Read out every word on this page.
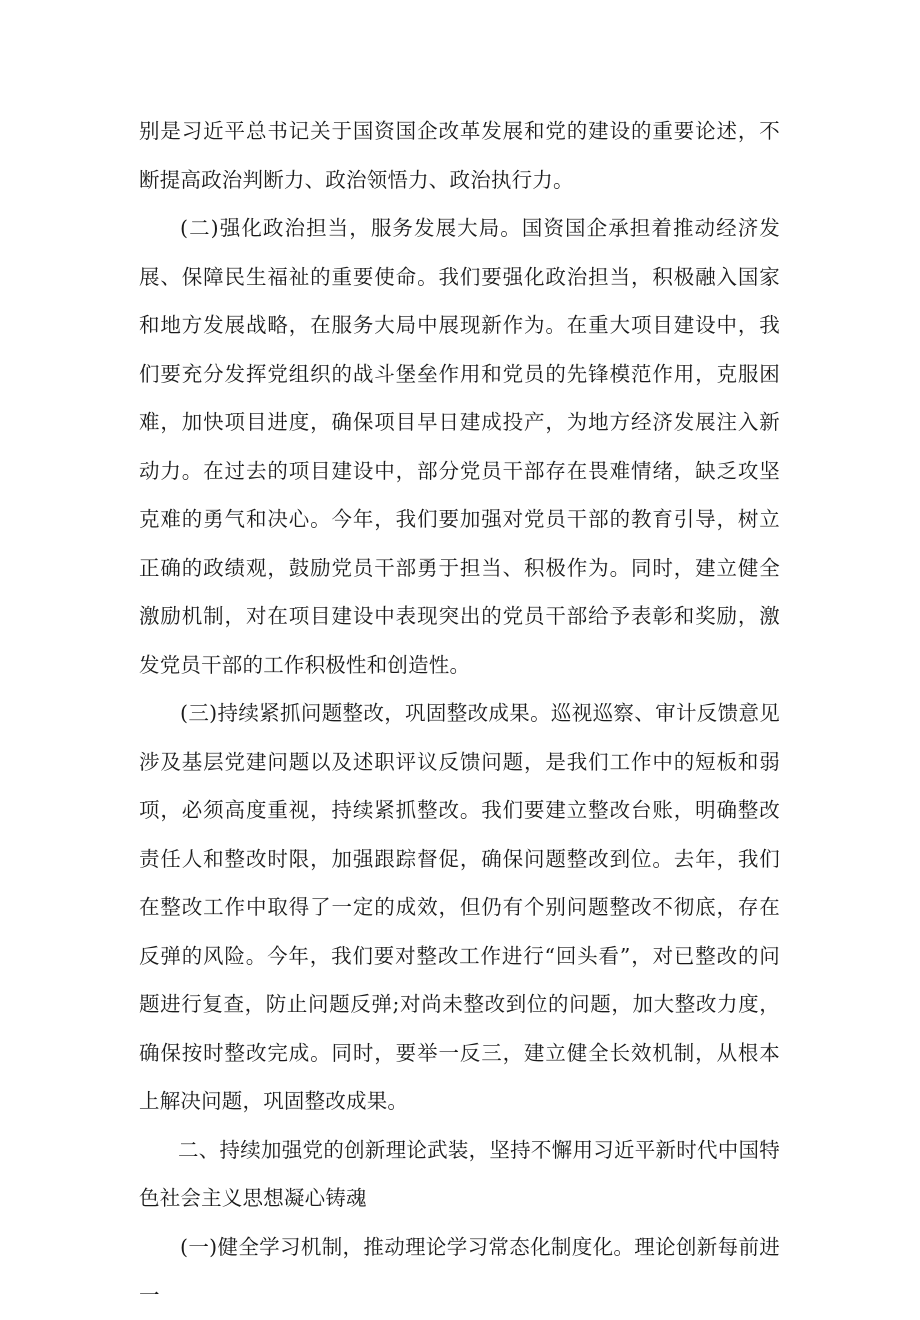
别是习近平总书记关于国资国企改革发展和党的建设的重要论述，不断提高政治判断力、政治领悟力、政治执行力。

(二)强化政治担当，服务发展大局。国资国企承担着推动经济发展、保障民生福祉的重要使命。我们要强化政治担当，积极融入国家和地方发展战略，在服务大局中展现新作为。在重大项目建设中，我们要充分发挥党组织的战斗堡垒作用和党员的先锋模范作用，克服困难，加快项目进度，确保项目早日建成投产，为地方经济发展注入新动力。在过去的项目建设中，部分党员干部存在畏难情绪，缺乏攻坚克难的勇气和决心。今年，我们要加强对党员干部的教育引导，树立正确的政绩观，鼓励党员干部勇于担当、积极作为。同时，建立健全激励机制，对在项目建设中表现突出的党员干部给予表彰和奖励，激发党员干部的工作积极性和创造性。

(三)持续紧抓问题整改，巩固整改成果。巡视巡察、审计反馈意见涉及基层党建问题以及述职评议反馈问题，是我们工作中的短板和弱项，必须高度重视，持续紧抓整改。我们要建立整改台账，明确整改责任人和整改时限，加强跟踪督促，确保问题整改到位。去年，我们在整改工作中取得了一定的成效，但仍有个别问题整改不彻底，存在反弹的风险。今年，我们要对整改工作进行“回头看”，对已整改的问题进行复查，防止问题反弹;对尚未整改到位的问题，加大整改力度，确保按时整改完成。同时，要举一反三，建立健全长效机制，从根本上解决问题，巩固整改成果。

二、持续加强党的创新理论武装，坚持不懈用习近平新时代中国特色社会主义思想凝心铸魂

(一)健全学习机制，推动理论学习常态化制度化。理论创新每前进一
